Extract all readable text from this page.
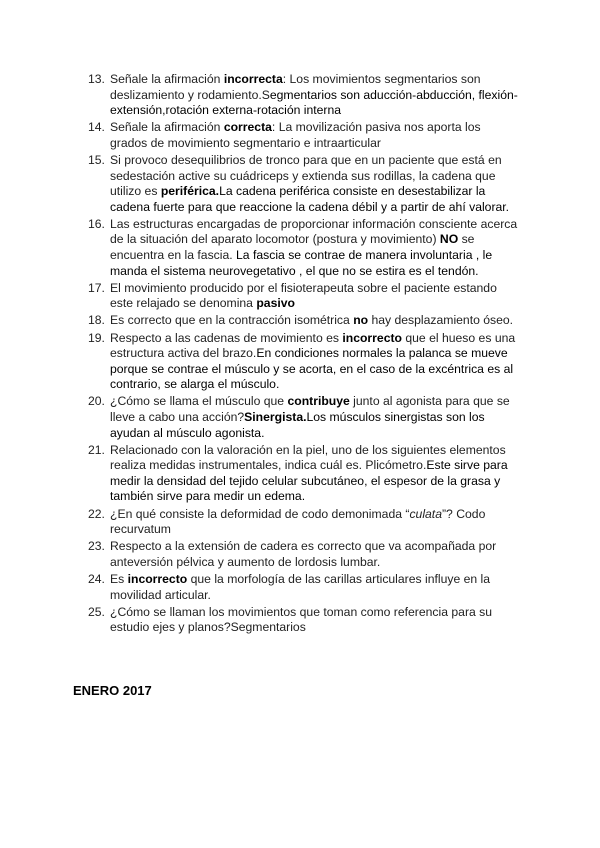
13. Señale la afirmación incorrecta: Los movimientos segmentarios son deslizamiento y rodamiento.Segmentarios son aducción-abducción, flexión-extensión,rotación externa-rotación interna
14. Señale la afirmación correcta: La movilización pasiva nos aporta los grados de movimiento segmentario e intraarticular
15. Si provoco desequilibrios de tronco para que en un paciente que está en sedestación active su cuádriceps y extienda sus rodillas, la cadena que utilizo es periférica.La cadena periférica consiste en desestabilizar la cadena fuerte para que reaccione la cadena débil y a partir de ahí valorar.
16. Las estructuras encargadas de proporcionar información consciente acerca de la situación del aparato locomotor (postura y movimiento) NO se encuentra en la fascia. La fascia se contrae de manera involuntaria , le manda el sistema neurovegetativo , el que no se estira es el tendón.
17. El movimiento producido por el fisioterapeuta sobre el paciente estando este relajado se denomina pasivo
18. Es correcto que en la contracción isométrica no hay desplazamiento óseo.
19. Respecto a las cadenas de movimiento es incorrecto que el hueso es una estructura activa del brazo.En condiciones normales la palanca se mueve porque se contrae el músculo y se acorta, en el caso de la excéntrica es al contrario, se alarga el músculo.
20. ¿Cómo se llama el músculo que contribuye junto al agonista para que se lleve a cabo una acción?Sinergista.Los músculos sinergistas son los ayudan al músculo agonista.
21. Relacionado con la valoración en la piel, uno de los siguientes elementos realiza medidas instrumentales, indica cuál es. Plicómetro.Este sirve para medir la densidad del tejido celular subcutáneo, el espesor de la grasa y también sirve para medir un edema.
22. ¿En qué consiste la deformidad de codo demonimada “culata”? Codo recurvatum
23. Respecto a la extensión de cadera es correcto que va acompañada por anteversión pélvica y aumento de lordosis lumbar.
24. Es incorrecto que la morfología de las carillas articulares influye en la movilidad articular.
25. ¿Cómo se llaman los movimientos que toman como referencia para su estudio ejes y planos?Segmentarios
ENERO 2017
